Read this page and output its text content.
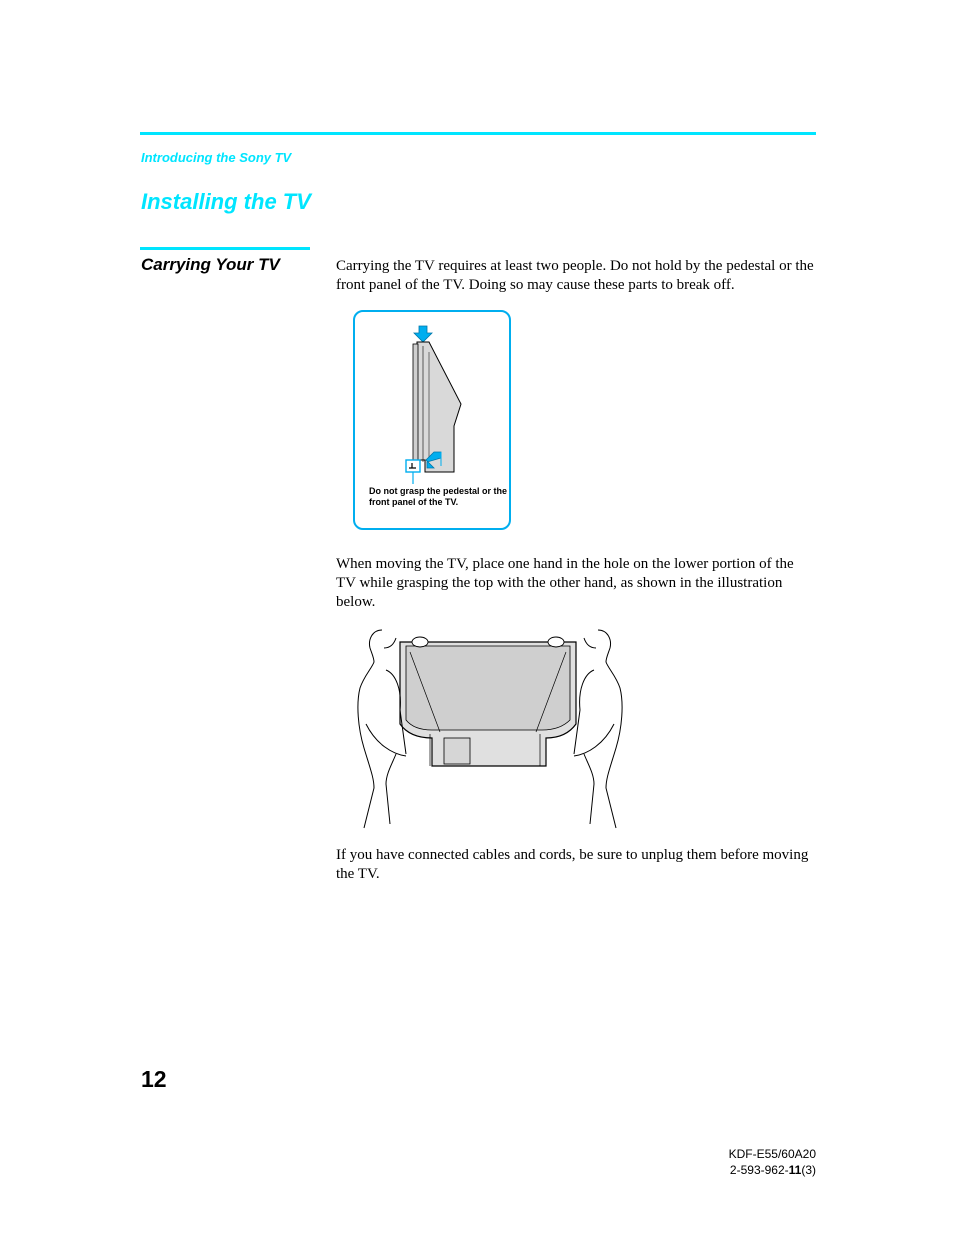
Introducing the Sony TV
Installing the TV
Carrying Your TV	Carrying the TV requires at least two people. Do not hold by the pedestal or the front panel of the TV. Doing so may cause these parts to break off.
Do not grasp the pedestal or the front panel of the TV.
When moving the TV, place one hand in the hole on the lower portion of the TV while grasping the top with the other hand, as shown in the illustration below.
If you have connected cables and cords, be sure to unplug them before moving the TV.
12
KDF-E55/60A20
2-593-962-11(3)
